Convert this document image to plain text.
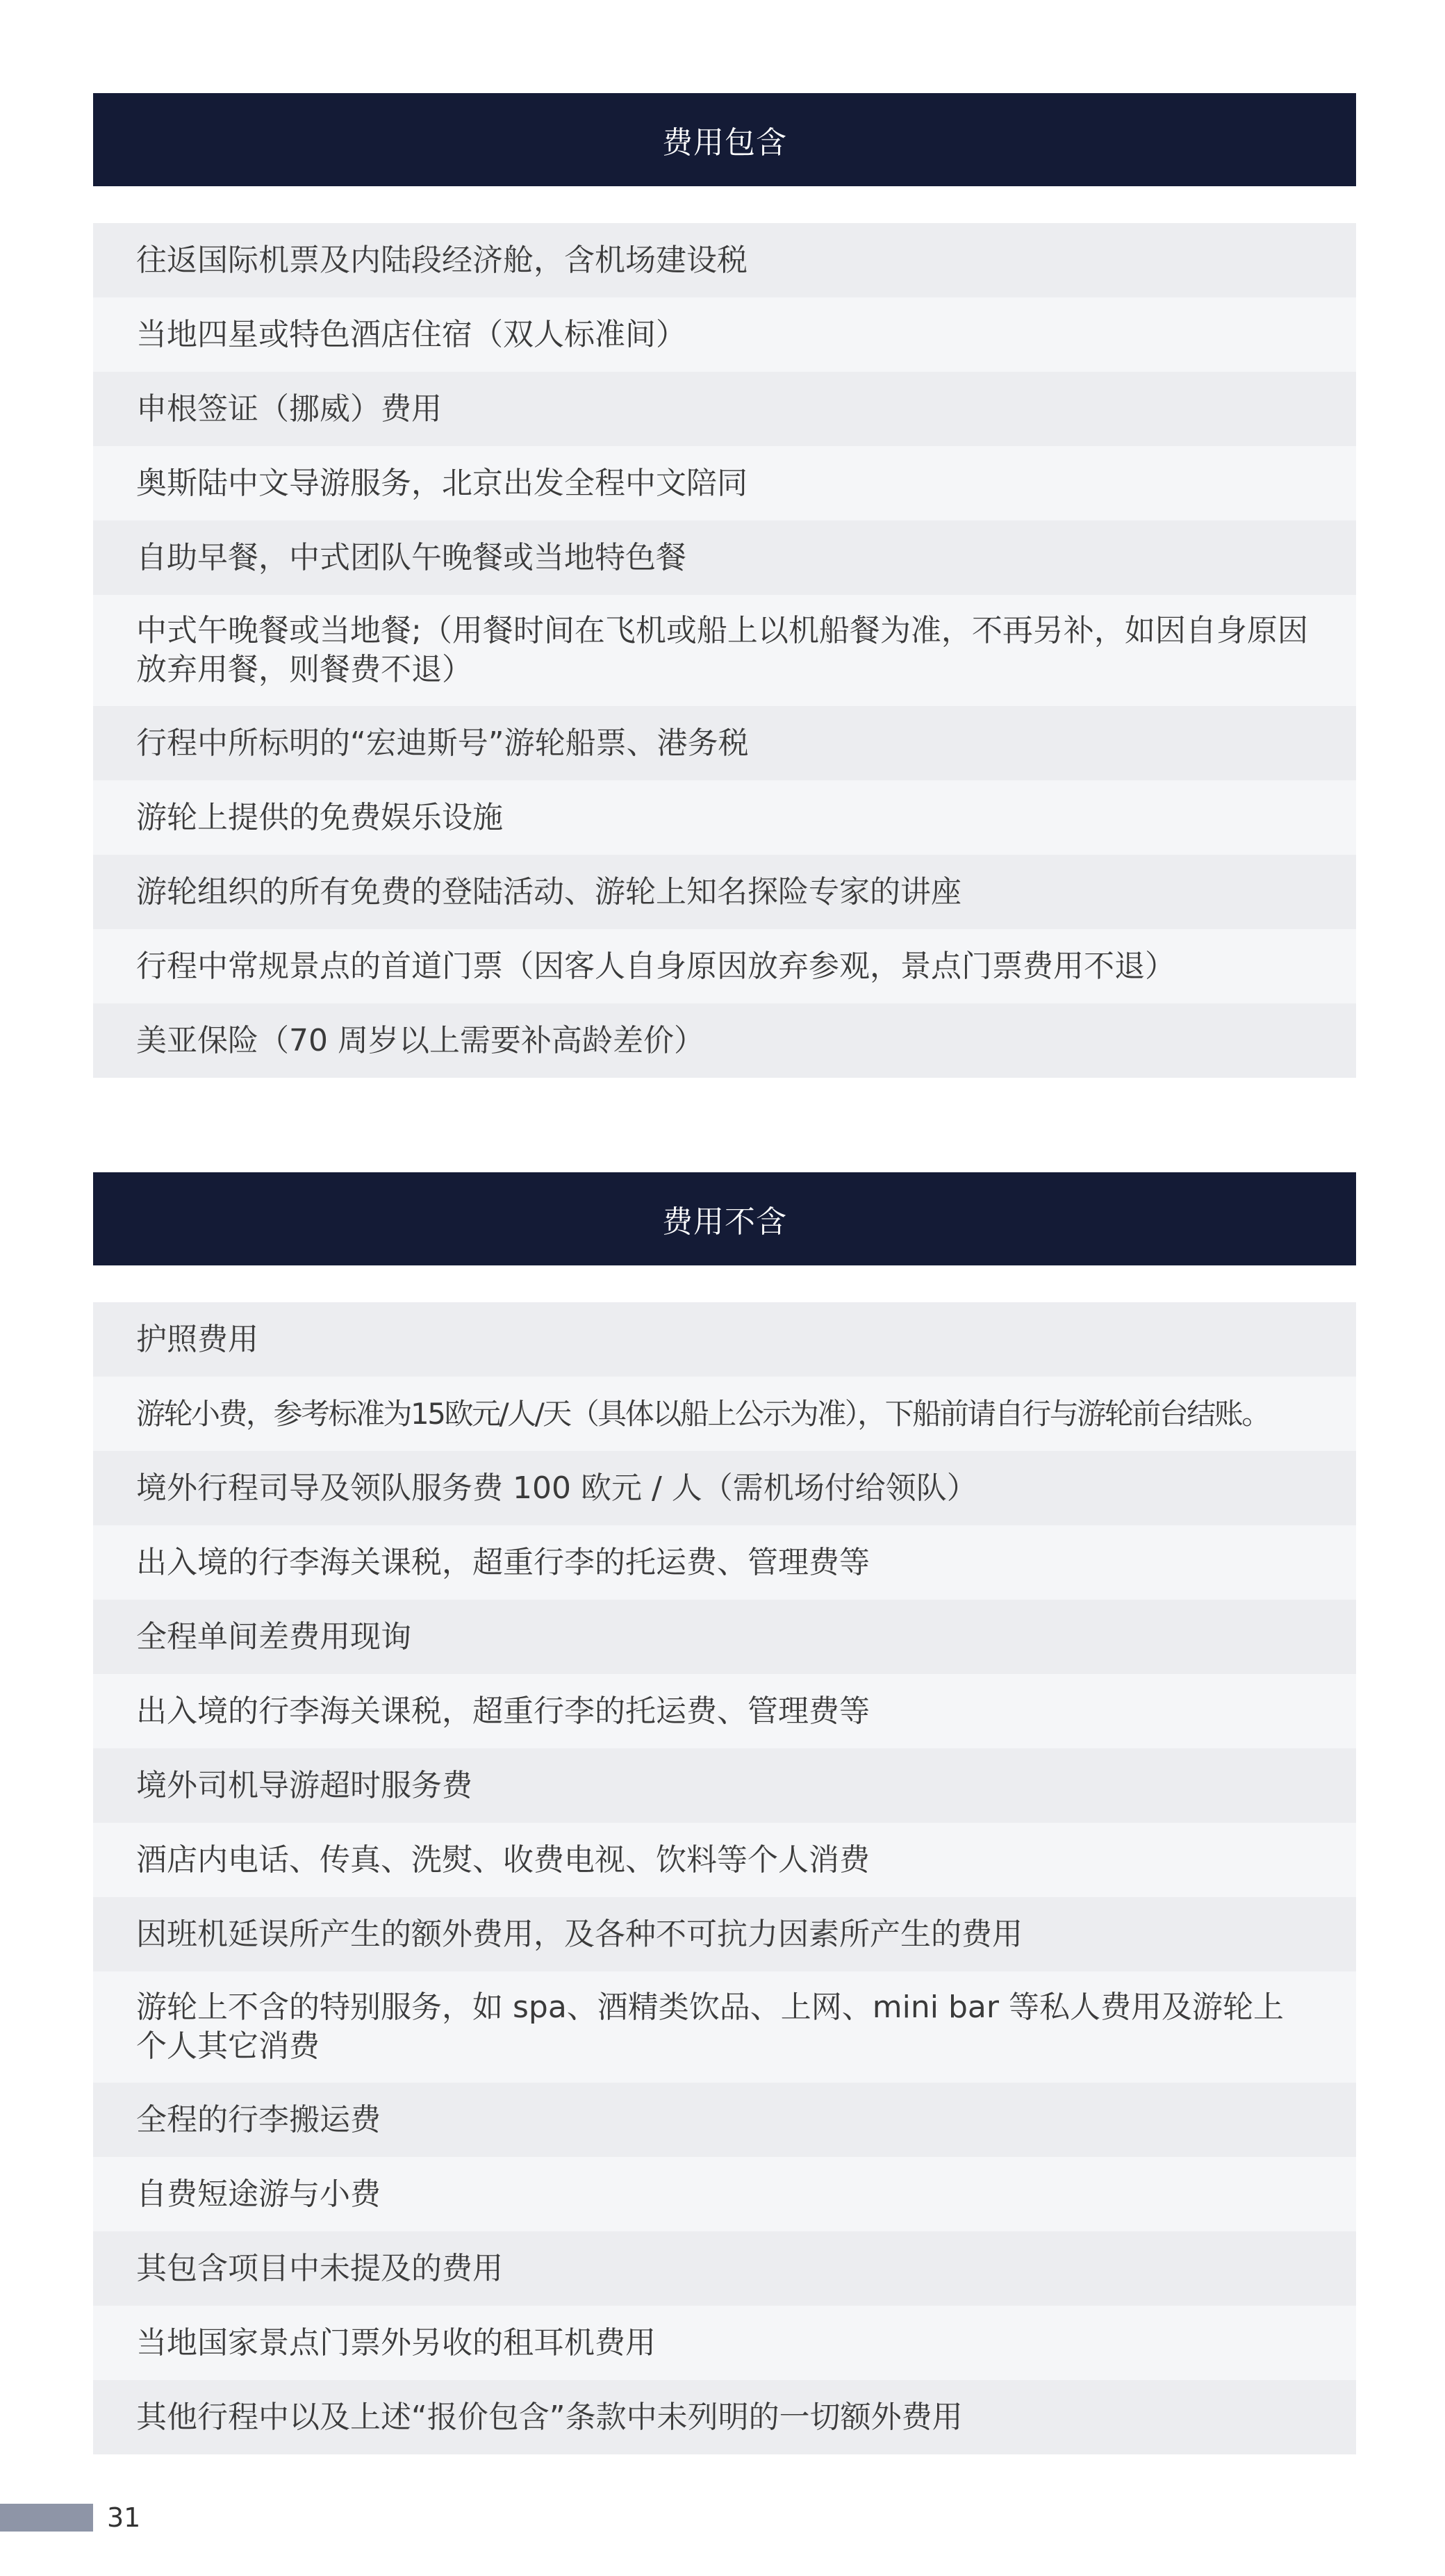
费用包含
往返国际机票及内陆段经济舱，含机场建设税
当地四星或特色酒店住宿（双人标准间）
申根签证（挪威）费用
奥斯陆中文导游服务，北京出发全程中文陪同
自助早餐，中式团队午晚餐或当地特色餐
中式午晚餐或当地餐;（用餐时间在飞机或船上以机船餐为准，不再另补，如因自身原因放弃用餐，则餐费不退）
行程中所标明的“宏迪斯号”游轮船票、港务税
游轮上提供的免费娱乐设施
游轮组织的所有免费的登陆活动、游轮上知名探险专家的讲座
行程中常规景点的首道门票（因客人自身原因放弃参观，景点门票费用不退）
美亚保险（70 周岁以上需要补高龄差价）
费用不含
护照费用
游轮小费，参考标准为15欧元/人/天（具体以船上公示为准），下船前请自行与游轮前台结账。
境外行程司导及领队服务费 100 欧元 / 人（需机场付给领队）
出入境的行李海关课税，超重行李的托运费、管理费等
全程单间差费用现询
出入境的行李海关课税，超重行李的托运费、管理费等
境外司机导游超时服务费
酒店内电话、传真、洗熨、收费电视、饮料等个人消费
因班机延误所产生的额外费用，及各种不可抗力因素所产生的费用
游轮上不含的特别服务，如 spa、酒精类饮品、上网、mini bar 等私人费用及游轮上个人其它消费
全程的行李搬运费
自费短途游与小费
其包含项目中未提及的费用
当地国家景点门票外另收的租耳机费用
其他行程中以及上述“报价包含”条款中未列明的一切额外费用
31
